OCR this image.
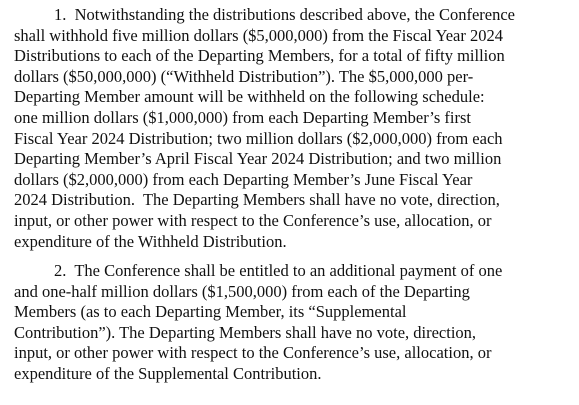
1. Notwithstanding the distributions described above, the Conference
shall withhold five million dollars ($5,000,000) from the Fiscal Year 2024
Distributions to each of the Departing Members, for a total of fifty million
dollars ($50,000,000) (“Withheld Distribution”). The $5,000,000 per-
Departing Member amount will be withheld on the following schedule:
one million dollars ($1,000,000) from each Departing Member’s first
Fiscal Year 2024 Distribution; two million dollars ($2,000,000) from each
Departing Member’s April Fiscal Year 2024 Distribution; and two million
dollars ($2,000,000) from each Departing Member’s June Fiscal Year
2024 Distribution.  The Departing Members shall have no vote, direction,
input, or other power with respect to the Conference’s use, allocation, or
expenditure of the Withheld Distribution.
2. The Conference shall be entitled to an additional payment of one
and one-half million dollars ($1,500,000) from each of the Departing
Members (as to each Departing Member, its “Supplemental
Contribution”). The Departing Members shall have no vote, direction,
input, or other power with respect to the Conference’s use, allocation, or
expenditure of the Supplemental Contribution.
